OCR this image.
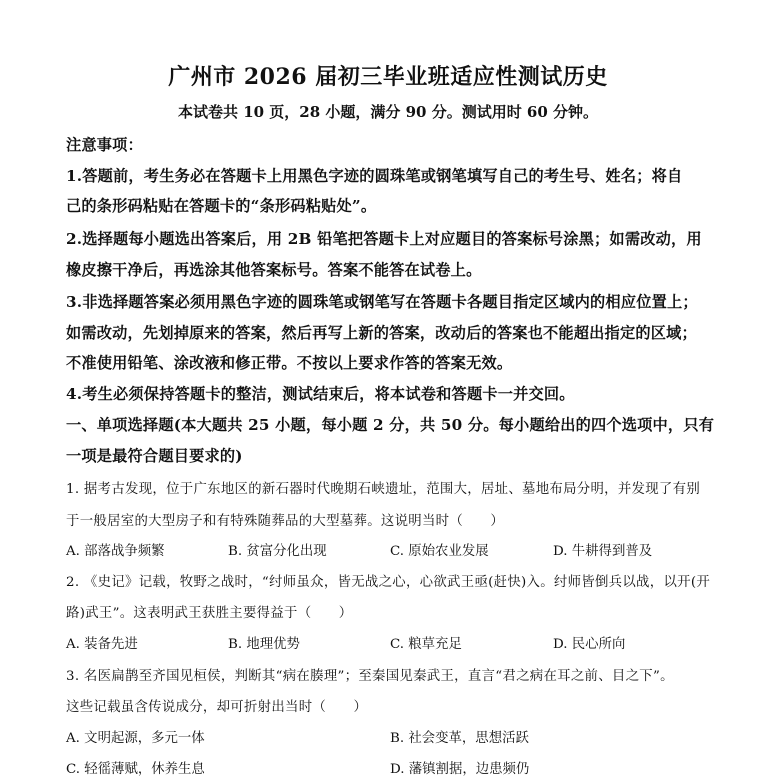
广州市 2026 届初三毕业班适应性测试历史
本试卷共 10 页，28 小题，满分 90 分。测试用时 60 分钟。
注意事项：
1.答题前，考生务必在答题卡上用黑色字迹的圆珠笔或钢笔填写自己的考生号、姓名；将自
己的条形码粘贴在答题卡的“条形码粘贴处”。
2.选择题每小题选出答案后，用 2B 铅笔把答题卡上对应题目的答案标号涂黑；如需改动，用
橡皮擦干净后，再选涂其他答案标号。答案不能答在试卷上。
3.非选择题答案必须用黑色字迹的圆珠笔或钢笔写在答题卡各题目指定区域内的相应位置上；
如需改动，先划掉原来的答案，然后再写上新的答案，改动后的答案也不能超出指定的区域；
不准使用铅笔、涂改液和修正带。不按以上要求作答的答案无效。
4.考生必须保持答题卡的整洁，测试结束后，将本试卷和答题卡一并交回。
一、单项选择题(本大题共 25 小题，每小题 2 分，共 50 分。每小题给出的四个选项中，只有
一项是最符合题目要求的)
1. 据考古发现，位于广东地区的新石器时代晚期石峡遗址，范围大，居址、墓地布局分明，并发现了有别
于一般居室的大型房子和有特殊随葬品的大型墓葬。这说明当时（　　）
A. 部落战争频繁	B. 贫富分化出现	C. 原始农业发展	D. 牛耕得到普及
2. 《史记》记载，牧野之战时，“纣师虽众，皆无战之心，心欲武王亟(赶快)入。纣师皆倒兵以战，以开(开
路)武王”。这表明武王获胜主要得益于（　　）
A. 装备先进	B. 地理优势	C. 粮草充足	D. 民心所向
3. 名医扁鹊至齐国见桓侯，判断其“病在腠理”；至秦国见秦武王，直言“君之病在耳之前、目之下”。
这些记载虽含传说成分，却可折射出当时（　　）
A. 文明起源，多元一体	B. 社会变革，思想活跃
C. 轻徭薄赋，休养生息	D. 藩镇割据，边患频仍
